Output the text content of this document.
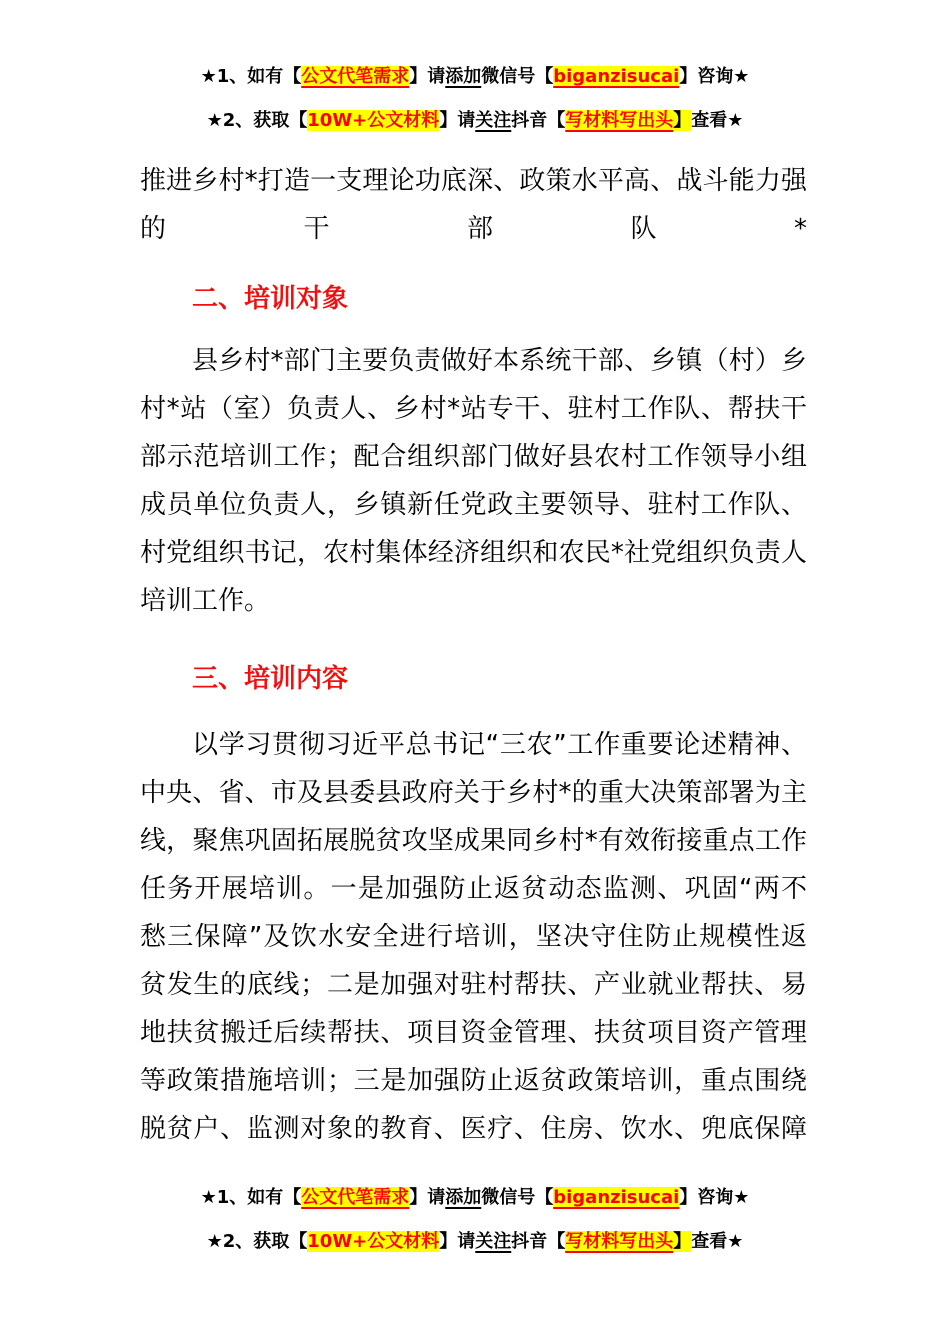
★1、如有【公文代笔需求】请添加微信号【biganzisucai】咨询★
★2、获取【10W+公文材料】请关注抖音【写材料写出头】查看★
推进乡村*打造一支理论功底深、政策水平高、战斗能力强
的干部队*
二、培训对象
县乡村*部门主要负责做好本系统干部、乡镇（村）乡
村*站（室）负责人、乡村*站专干、驻村工作队、帮扶干
部示范培训工作；配合组织部门做好县农村工作领导小组
成员单位负责人，乡镇新任党政主要领导、驻村工作队、
村党组织书记，农村集体经济组织和农民*社党组织负责人
培训工作。
三、培训内容
以学习贯彻习近平总书记“三农”工作重要论述精神、
中央、省、市及县委县政府关于乡村*的重大决策部署为主
线，聚焦巩固拓展脱贫攻坚成果同乡村*有效衔接重点工作
任务开展培训。一是加强防止返贫动态监测、巩固“两不
愁三保障”及饮水安全进行培训，坚决守住防止规模性返
贫发生的底线；二是加强对驻村帮扶、产业就业帮扶、易
地扶贫搬迁后续帮扶、项目资金管理、扶贫项目资产管理
等政策措施培训；三是加强防止返贫政策培训，重点围绕
脱贫户、监测对象的教育、医疗、住房、饮水、兜底保障
★1、如有【公文代笔需求】请添加微信号【biganzisucai】咨询★
★2、获取【10W+公文材料】请关注抖音【写材料写出头】查看★
